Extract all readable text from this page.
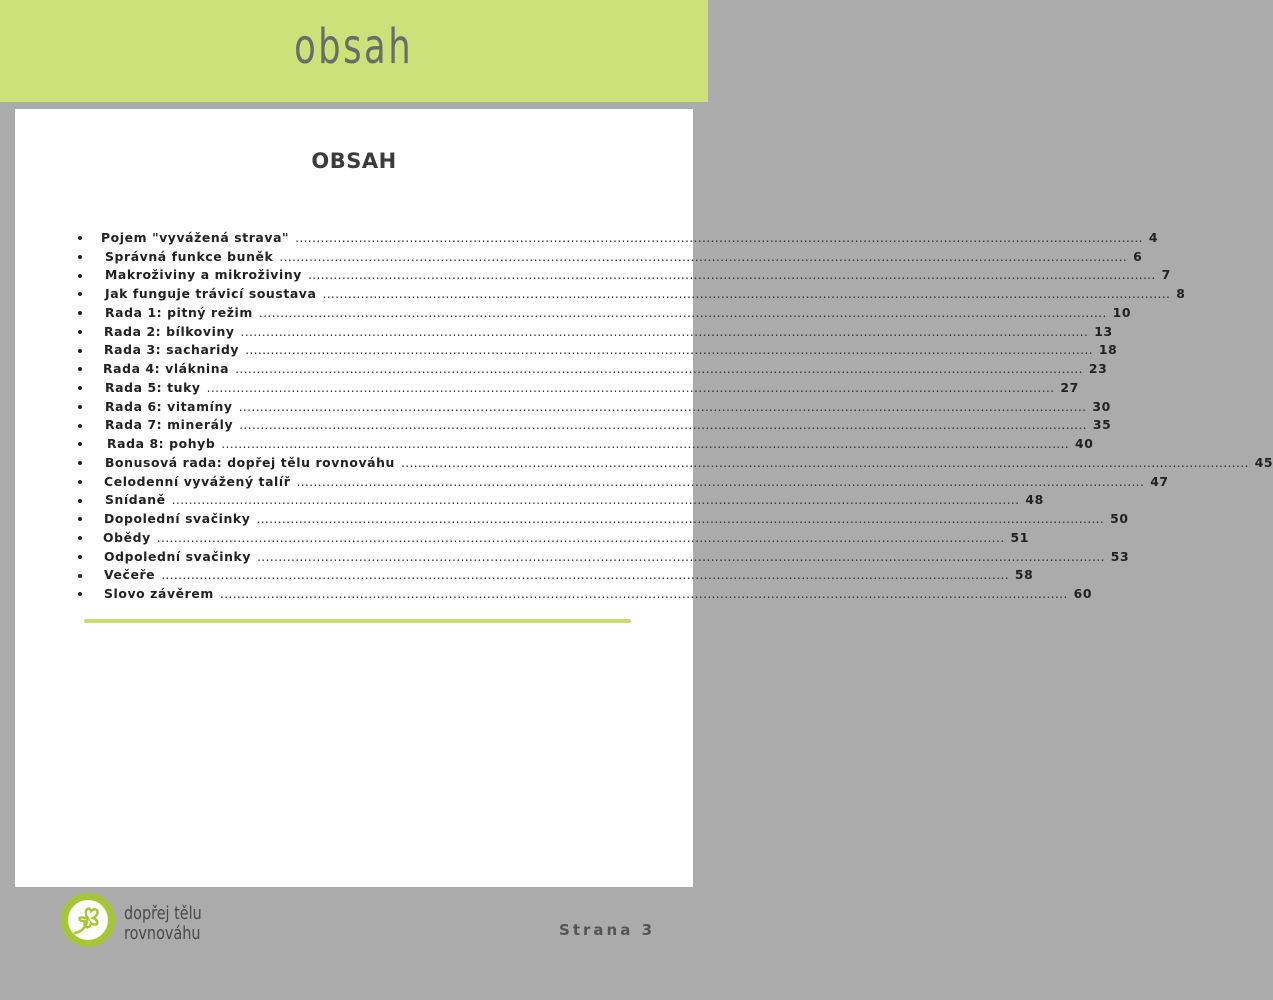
obsah
OBSAH
Pojem "vyvážená strava" ........................................................................................................................................................................................................ 4
Správná funkce buněk ........................................................................................................................................................................................................ 6
Makroživiny a mikroživiny ........................................................................................................................................................................................................ 7
Jak funguje trávicí soustava ........................................................................................................................................................................................................ 8
Rada 1: pitný režim ........................................................................................................................................................................................................ 10
Rada 2: bílkoviny ........................................................................................................................................................................................................ 13
Rada 3: sacharidy ........................................................................................................................................................................................................ 18
Rada 4: vláknina ........................................................................................................................................................................................................ 23
Rada 5: tuky ........................................................................................................................................................................................................ 27
Rada 6: vitamíny ........................................................................................................................................................................................................ 30
Rada 7: minerály ........................................................................................................................................................................................................ 35
Rada 8: pohyb ........................................................................................................................................................................................................ 40
Bonusová rada: dopřej tělu rovnováhu ........................................................................................................................................................................................................ 45
Celodenní vyvážený talíř ........................................................................................................................................................................................................ 47
Snídaně ........................................................................................................................................................................................................ 48
Dopolední svačinky ........................................................................................................................................................................................................ 50
Obědy ........................................................................................................................................................................................................ 51
Odpolední svačinky ........................................................................................................................................................................................................ 53
Večeře ........................................................................................................................................................................................................ 58
Slovo závěrem ........................................................................................................................................................................................................ 60
dopřej tělu
rovnováhu	Strana 3
